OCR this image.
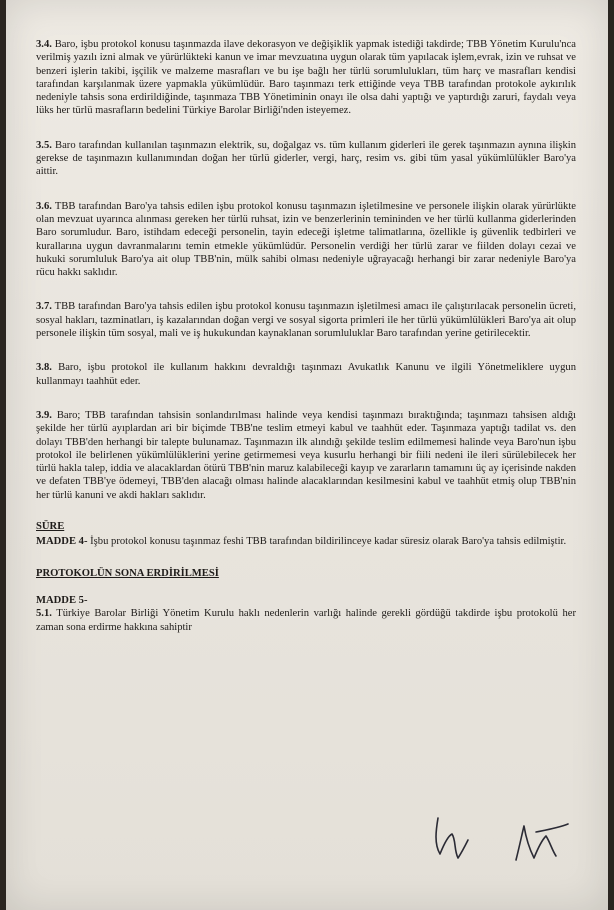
3.4. Baro, işbu protokol konusu taşınmazda ilave dekorasyon ve değişiklik yapmak istediği takdirde; TBB Yönetim Kurulu'nca verilmiş yazılı izni almak ve yürürlükteki kanun ve imar mevzuatına uygun olarak tüm yapılacak işlem,evrak, izin ve ruhsat ve benzeri işlerin takibi, işçilik ve malzeme masrafları ve bu işe bağlı her türlü sorumlulukları, tüm harç ve masrafları kendisi tarafından karşılanmak üzere yapmakla yükümlüdür. Baro taşınmazı terk ettiğinde veya TBB tarafından protokole aykırılık nedeniyle tahsis sona erdirildiğinde, taşınmaza TBB Yönetiminin onayı ile olsa dahi yaptığı ve yaptırdığı zaruri, faydalı veya lüks her türlü masrafların bedelini Türkiye Barolar Birliği'nden isteyemez.

3.5. Baro tarafından kullanılan taşınmazın elektrik, su, doğalgaz vs. tüm kullanım giderleri ile gerek taşınmazın aynına ilişkin gerekse de taşınmazın kullanımından doğan her türlü giderler, vergi, harç, resim vs. gibi tüm yasal yükümlülükler Baro'ya aittir.

3.6. TBB tarafından Baro'ya tahsis edilen işbu protokol konusu taşınmazın işletilmesine ve personele ilişkin olarak yürürlükte olan mevzuat uyarınca alınması gereken her türlü ruhsat, izin ve benzerlerinin temininden ve her türlü kullanma giderlerinden Baro sorumludur. Baro, istihdam edeceği personelin, tayin edeceği işletme talimatlarına, özellikle iş güvenlik tedbirleri ve kurallarına uygun davranmalarını temin etmekle yükümlüdür. Personelin verdiği her türlü zarar ve fiilden dolayı cezai ve hukuki sorumluluk Baro'ya ait olup TBB'nin, mülk sahibi olması nedeniyle uğrayacağı herhangi bir zarar nedeniyle Baro'ya rücu hakkı saklıdır.

3.7. TBB tarafından Baro'ya tahsis edilen işbu protokol konusu taşınmazın işletilmesi amacı ile çalıştırılacak personelin ücreti, sosyal hakları, tazminatları, iş kazalarından doğan vergi ve sosyal sigorta primleri ile her türlü yükümlülükleri Baro'ya ait olup personele ilişkin tüm sosyal, mali ve iş hukukundan kaynaklanan sorumluluklar Baro tarafından yerine getirilecektir.

3.8. Baro, işbu protokol ile kullanım hakkını devraldığı taşınmazı Avukatlık Kanunu ve ilgili Yönetmeliklere uygun kullanmayı taahhüt eder.

3.9. Baro; TBB tarafından tahsisin sonlandırılması halinde veya kendisi taşınmazı bıraktığında; taşınmazı tahsisen aldığı şekilde her türlü ayıplardan ari bir biçimde TBB'ne teslim etmeyi kabul ve taahhüt eder. Taşınmaza yaptığı tadilat vs. den dolayı TBB'den herhangi bir talepte bulunamaz. Taşınmazın ilk alındığı şekilde teslim edilmemesi halinde veya Baro'nun işbu protokol ile belirlenen yükümlülüklerini yerine getirmemesi veya kusurlu herhangi bir fiili nedeni ile ileri sürülebilecek her türlü hakla talep, iddia ve alacaklardan ötürü TBB'nin maruz kalabileceği kayıp ve zararların tamamını üç ay içerisinde nakden ve defaten TBB'ye ödemeyi, TBB'den alacağı olması halinde alacaklarından kesilmesini kabul ve taahhüt etmiş olup TBB'nin her türlü kanuni ve akdi hakları saklıdır.

SÜRE

MADDE 4- İşbu protokol konusu taşınmaz feshi TBB tarafından bildirilinceye kadar süresiz olarak Baro'ya tahsis edilmiştir.

PROTOKOLÜN SONA ERDİRİLMESİ
MADDE 5-

5.1. Türkiye Barolar Birliği Yönetim Kurulu haklı nedenlerin varlığı halinde gerekli gördüğü takdirde işbu protokolü her zaman sona erdirme hakkına sahiptir
